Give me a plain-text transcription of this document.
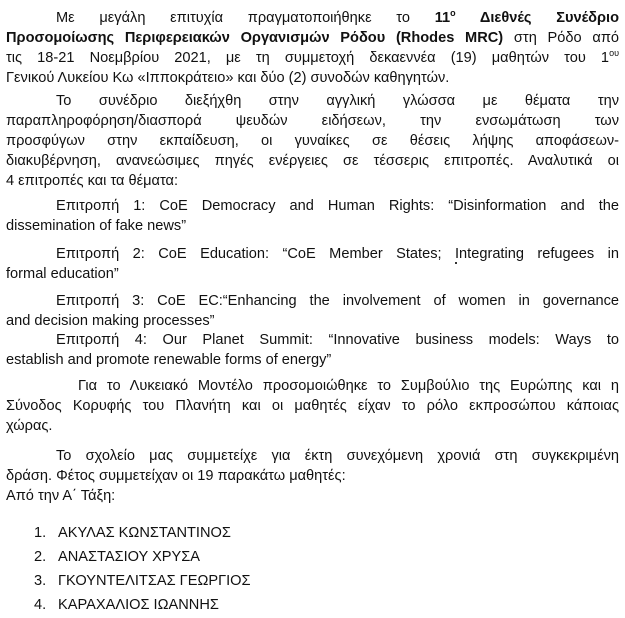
Με μεγάλη επιτυχία πραγματοποιήθηκε το $11^o$ Διεθνές Συνέδριο
Προσομοίωσης Περιφερειακών Οργανισμών Ρόδου (Rhodes MRC) στη Ρόδο από
τις 18-21 Νοεμβρίου 2021, με τη συμμετοχή δεκαεννέα (19) μαθητών του $1^{o\upsilon}$
Γενικού Λυκείου Κω «Ιπποκράτειο» και δύο (2) συνοδών καθηγητών.
Το συνέδριο διεξήχθη στην αγγλική γλώσσα με θέματα την
παραπληροφόρηση/διασπορά ψευδών ειδήσεων, την ενσωμάτωση των
προσφύγων στην εκπαίδευση, οι γυναίκες σε θέσεις λήψης αποφάσεων-
διακυβέρνηση, ανανεώσιμες πηγές ενέργειες σε τέσσερις επιτροπές. Αναλυτικά οι
4 επιτροπές και τα θέματα:
Επιτροπή 1: CoE Democracy and Human Rights: “Disinformation and the
dissemination of fake news”
Επιτροπή 2: CoE Education: “CoE Member States; Integrating refugees in
formal education”
Επιτροπή 3: CoE EC:“Enhancing the involvement of women in governance
and decision making processes”
Επιτροπή 4: Our Planet Summit: “Innovative business models: Ways to
establish and promote renewable forms of energy”
Για το Λυκειακό Μοντέλο προσομοιώθηκε το Συμβούλιο της Ευρώπης και η
Σύνοδος Κορυφής του Πλανήτη και οι μαθητές είχαν το ρόλο εκπροσώπου κάποιας
χώρας.
Το σχολείο μας συμμετείχε για έκτη συνεχόμενη χρονιά στη συγκεκριμένη
δράση. Φέτος συμμετείχαν οι 19 παρακάτω μαθητές:
Από την Α΄ Τάξη:
1. ΑΚΥΛΑΣ ΚΩΝΣΤΑΝΤΙΝΟΣ
2. ΑΝΑΣΤΑΣΙΟΥ ΧΡΥΣΑ
3. ΓΚΟΥΝΤΕΛΙΤΣΑΣ ΓΕΩΡΓΙΟΣ
4. ΚΑΡΑΧΑΛΙΟΣ ΙΩΑΝΝΗΣ
